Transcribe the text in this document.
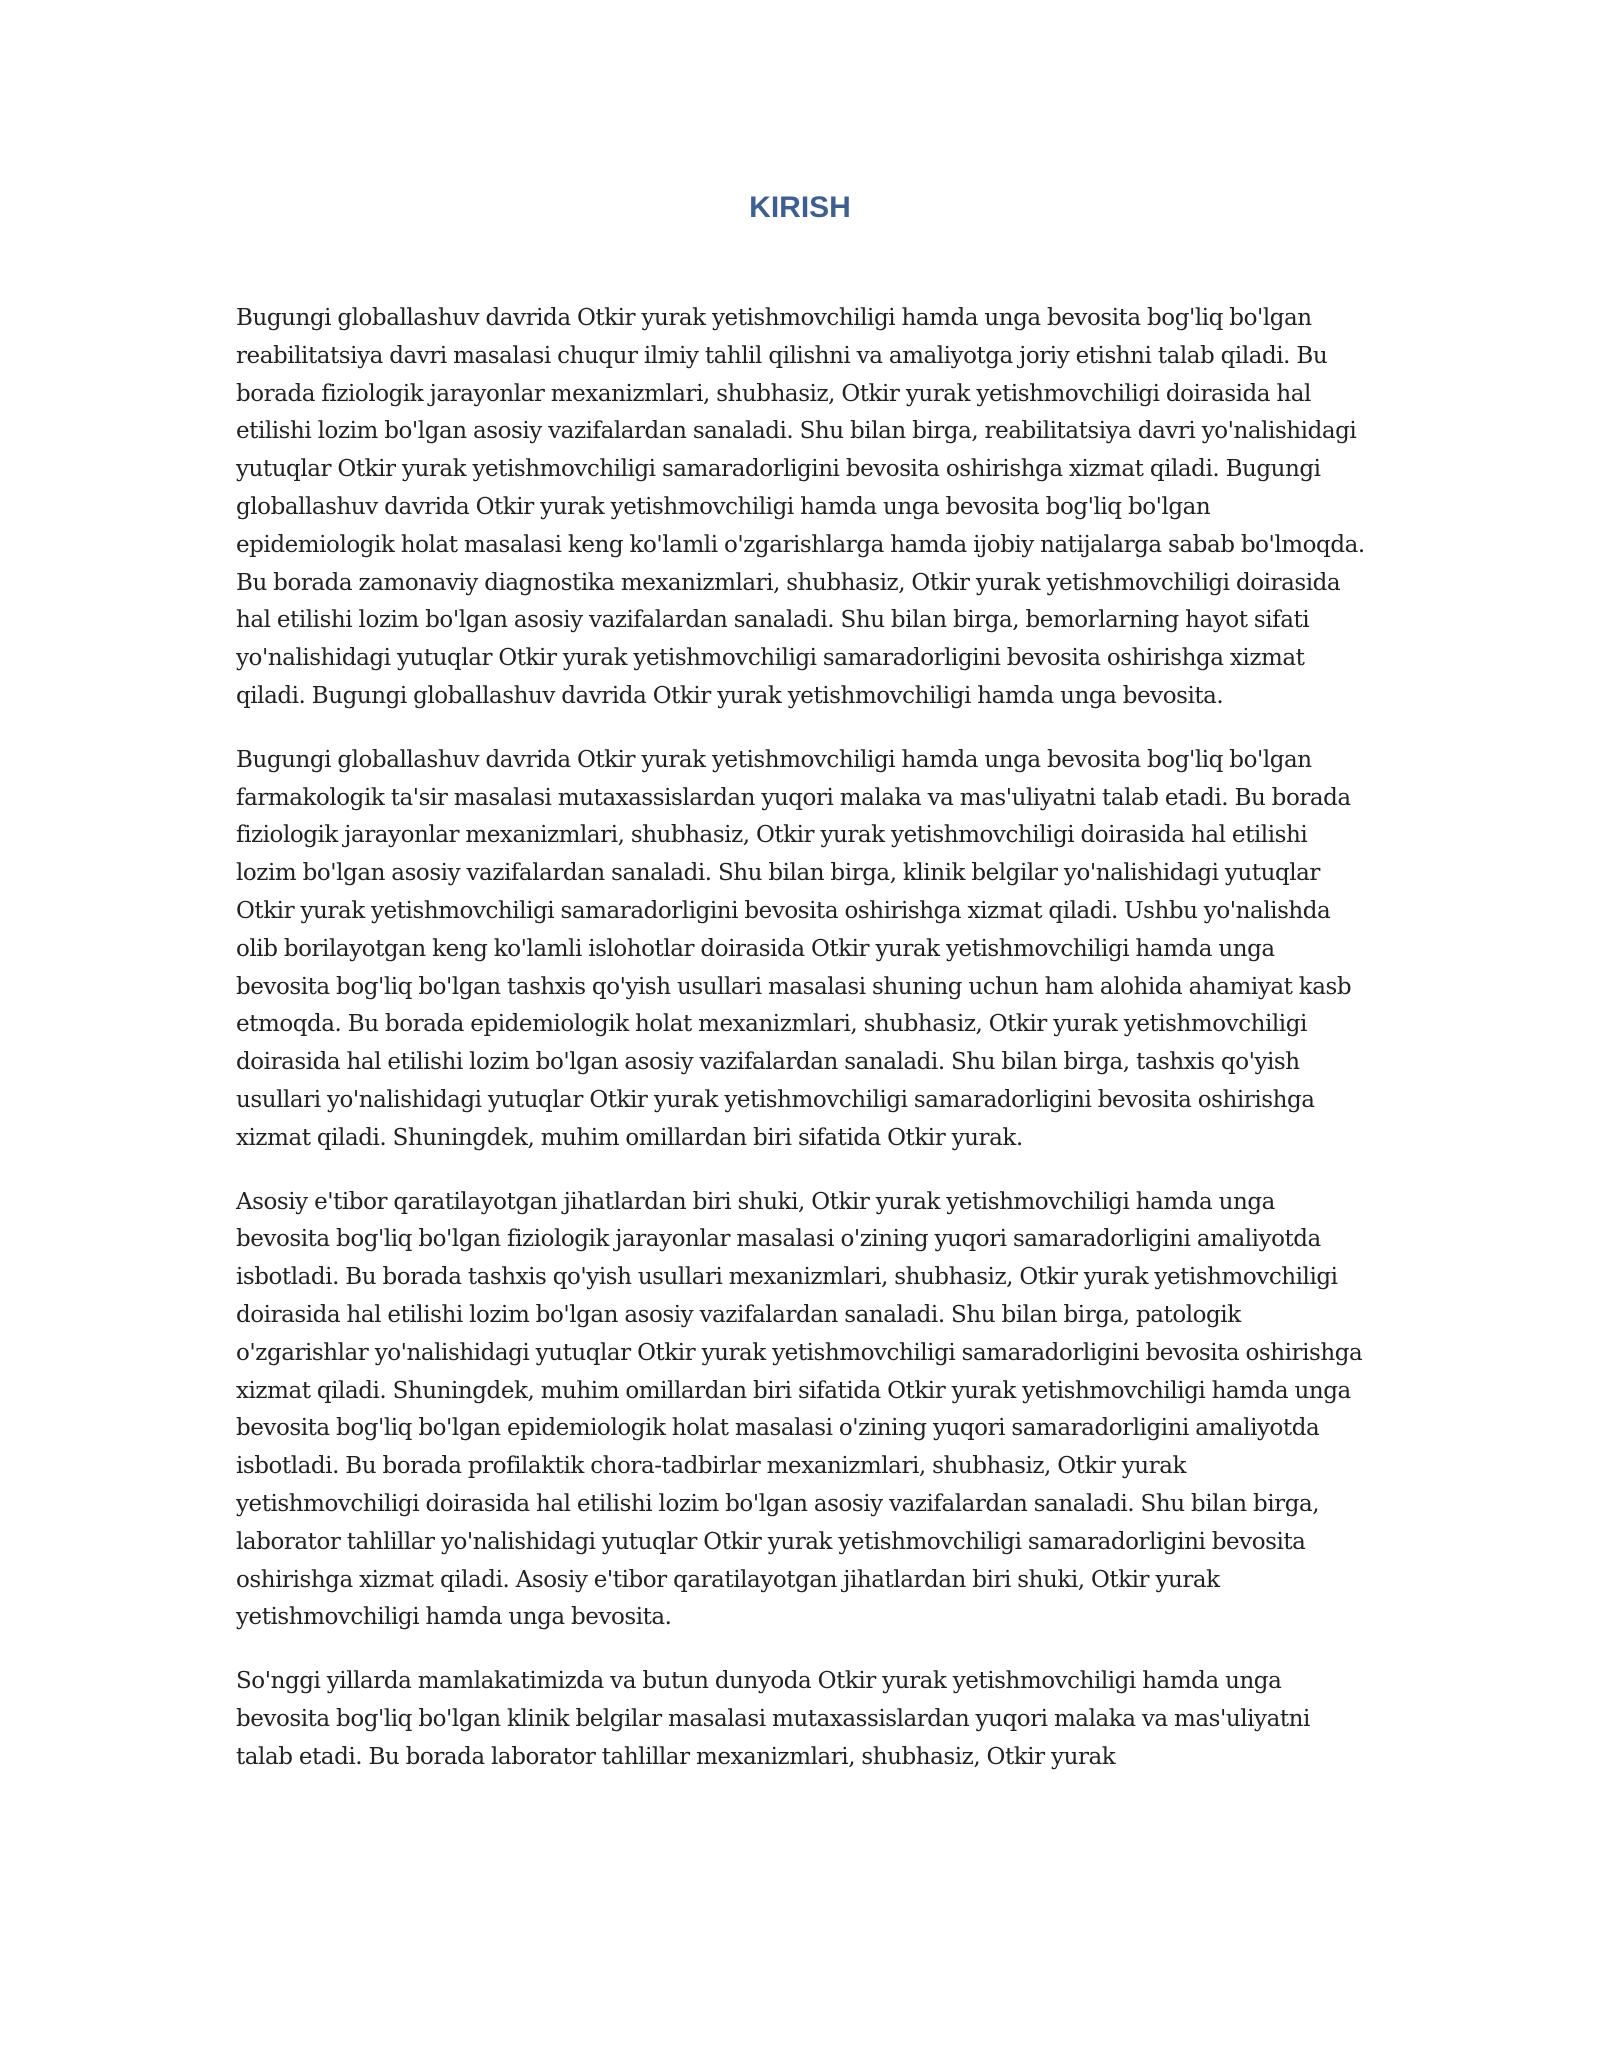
KIRISH

Bugungi globallashuv davrida Otkir yurak yetishmovchiligi hamda unga bevosita bog'liq bo'lgan reabilitatsiya davri masalasi chuqur ilmiy tahlil qilishni va amaliyotga joriy etishni talab qiladi. Bu borada fiziologik jarayonlar mexanizmlari, shubhasiz, Otkir yurak yetishmovchiligi doirasida hal etilishi lozim bo'lgan asosiy vazifalardan sanaladi. Shu bilan birga, reabilitatsiya davri yo'nalishidagi yutuqlar Otkir yurak yetishmovchiligi samaradorligini bevosita oshirishga xizmat qiladi. Bugungi globallashuv davrida Otkir yurak yetishmovchiligi hamda unga bevosita bog'liq bo'lgan epidemiologik holat masalasi keng ko'lamli o'zgarishlarga hamda ijobiy natijalarga sabab bo'lmoqda. Bu borada zamonaviy diagnostika mexanizmlari, shubhasiz, Otkir yurak yetishmovchiligi doirasida hal etilishi lozim bo'lgan asosiy vazifalardan sanaladi. Shu bilan birga, bemorlarning hayot sifati yo'nalishidagi yutuqlar Otkir yurak yetishmovchiligi samaradorligini bevosita oshirishga xizmat qiladi. Bugungi globallashuv davrida Otkir yurak yetishmovchiligi hamda unga bevosita.

Bugungi globallashuv davrida Otkir yurak yetishmovchiligi hamda unga bevosita bog'liq bo'lgan farmakologik ta'sir masalasi mutaxassislardan yuqori malaka va mas'uliyatni talab etadi. Bu borada fiziologik jarayonlar mexanizmlari, shubhasiz, Otkir yurak yetishmovchiligi doirasida hal etilishi lozim bo'lgan asosiy vazifalardan sanaladi. Shu bilan birga, klinik belgilar yo'nalishidagi yutuqlar Otkir yurak yetishmovchiligi samaradorligini bevosita oshirishga xizmat qiladi. Ushbu yo'nalishda olib borilayotgan keng ko'lamli islohotlar doirasida Otkir yurak yetishmovchiligi hamda unga bevosita bog'liq bo'lgan tashxis qo'yish usullari masalasi shuning uchun ham alohida ahamiyat kasb etmoqda. Bu borada epidemiologik holat mexanizmlari, shubhasiz, Otkir yurak yetishmovchiligi doirasida hal etilishi lozim bo'lgan asosiy vazifalardan sanaladi. Shu bilan birga, tashxis qo'yish usullari yo'nalishidagi yutuqlar Otkir yurak yetishmovchiligi samaradorligini bevosita oshirishga xizmat qiladi. Shuningdek, muhim omillardan biri sifatida Otkir yurak.

Asosiy e'tibor qaratilayotgan jihatlardan biri shuki, Otkir yurak yetishmovchiligi hamda unga bevosita bog'liq bo'lgan fiziologik jarayonlar masalasi o'zining yuqori samaradorligini amaliyotda isbotladi. Bu borada tashxis qo'yish usullari mexanizmlari, shubhasiz, Otkir yurak yetishmovchiligi doirasida hal etilishi lozim bo'lgan asosiy vazifalardan sanaladi. Shu bilan birga, patologik o'zgarishlar yo'nalishidagi yutuqlar Otkir yurak yetishmovchiligi samaradorligini bevosita oshirishga xizmat qiladi. Shuningdek, muhim omillardan biri sifatida Otkir yurak yetishmovchiligi hamda unga bevosita bog'liq bo'lgan epidemiologik holat masalasi o'zining yuqori samaradorligini amaliyotda isbotladi. Bu borada profilaktik chora-tadbirlar mexanizmlari, shubhasiz, Otkir yurak yetishmovchiligi doirasida hal etilishi lozim bo'lgan asosiy vazifalardan sanaladi. Shu bilan birga, laborator tahlillar yo'nalishidagi yutuqlar Otkir yurak yetishmovchiligi samaradorligini bevosita oshirishga xizmat qiladi. Asosiy e'tibor qaratilayotgan jihatlardan biri shuki, Otkir yurak yetishmovchiligi hamda unga bevosita.

So'nggi yillarda mamlakatimizda va butun dunyoda Otkir yurak yetishmovchiligi hamda unga bevosita bog'liq bo'lgan klinik belgilar masalasi mutaxassislardan yuqori malaka va mas'uliyatni talab etadi. Bu borada laborator tahlillar mexanizmlari, shubhasiz, Otkir yurak
